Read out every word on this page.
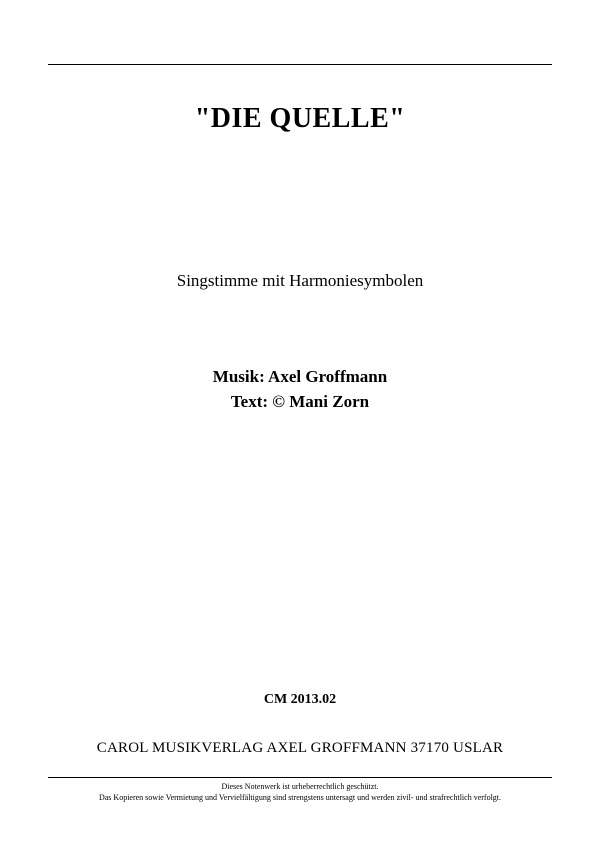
"DIE QUELLE"
Singstimme mit Harmoniesymbolen
Musik: Axel Groffmann
Text: © Mani Zorn
CM 2013.02
CAROL MUSIKVERLAG AXEL GROFFMANN 37170 USLAR
Dieses Notenwerk ist urheberrechtlich geschützt.
Das Kopieren sowie Vermietung und Vervielfältigung sind strengstens untersagt und werden zivil- und strafrechtlich verfolgt.
